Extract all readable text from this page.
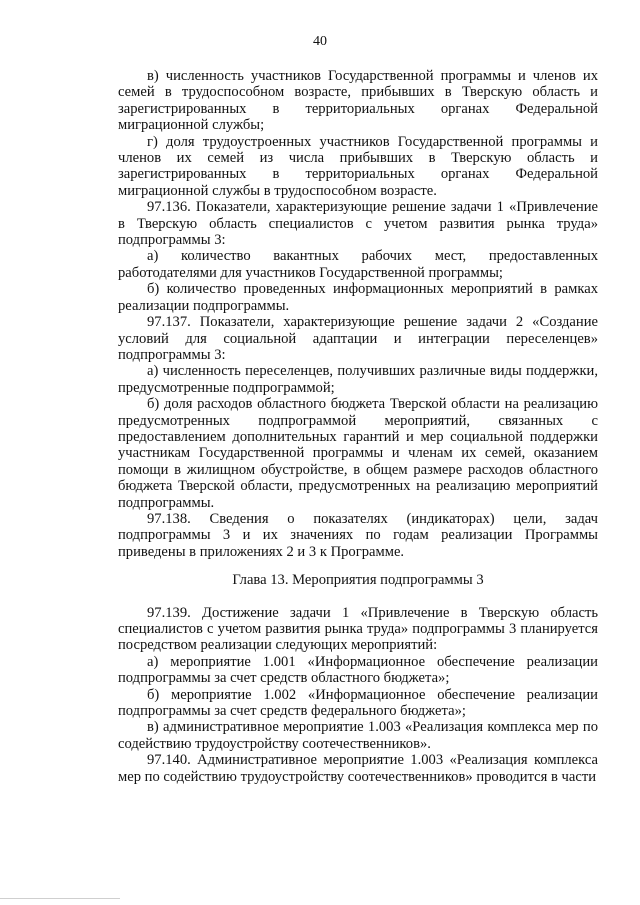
40

в) численность участников Государственной программы и членов их семей в трудоспособном возрасте, прибывших в Тверскую область и зарегистрированных в территориальных органах Федеральной миграционной службы;

г) доля трудоустроенных участников Государственной программы и членов их семей из числа прибывших в Тверскую область и зарегистрированных в территориальных органах Федеральной миграционной службы в трудоспособном возрасте.

97.136. Показатели, характеризующие решение задачи 1 «Привлечение в Тверскую область специалистов с учетом развития рынка труда» подпрограммы 3:

а) количество вакантных рабочих мест, предоставленных работодателями для участников Государственной программы;

б) количество проведенных информационных мероприятий в рамках реализации подпрограммы.

97.137. Показатели, характеризующие решение задачи 2 «Создание условий для социальной адаптации и интеграции переселенцев» подпрограммы 3:

а) численность переселенцев, получивших различные виды поддержки, предусмотренные подпрограммой;

б) доля расходов областного бюджета Тверской области на реализацию предусмотренных подпрограммой мероприятий, связанных с предоставлением дополнительных гарантий и мер социальной поддержки участникам Государственной программы и членам их семей, оказанием помощи в жилищном обустройстве, в общем размере расходов областного бюджета Тверской области, предусмотренных на реализацию мероприятий подпрограммы.

97.138. Сведения о показателях (индикаторах) цели, задач подпрограммы 3 и их значениях по годам реализации Программы приведены в приложениях 2 и 3 к Программе.

Глава 13. Мероприятия подпрограммы 3

97.139. Достижение задачи 1 «Привлечение в Тверскую область специалистов с учетом развития рынка труда» подпрограммы 3 планируется посредством реализации следующих мероприятий:

а) мероприятие 1.001 «Информационное обеспечение реализации подпрограммы за счет средств областного бюджета»;

б) мероприятие 1.002 «Информационное обеспечение реализации подпрограммы за счет средств федерального бюджета»;

в) административное мероприятие 1.003 «Реализация комплекса мер по содействию трудоустройству соотечественников».

97.140. Административное мероприятие 1.003 «Реализация комплекса мер по содействию трудоустройству соотечественников» проводится в части
